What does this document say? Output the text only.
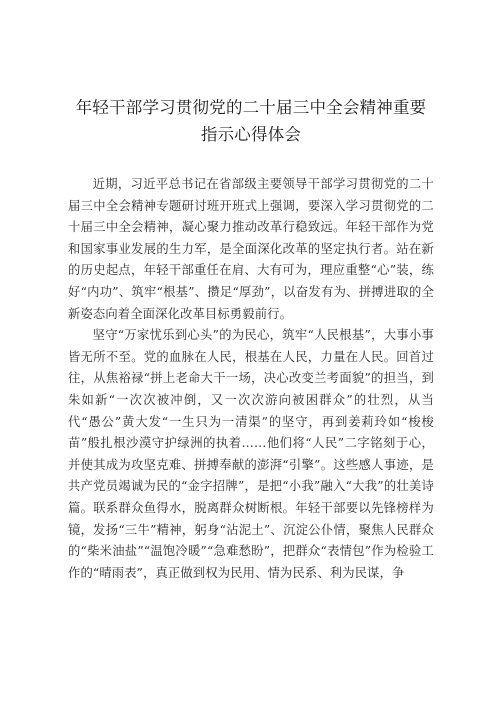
年轻干部学习贯彻党的二十届三中全会精神重要指示心得体会

近期，习近平总书记在省部级主要领导干部学习贯彻党的二十届三中全会精神专题研讨班开班式上强调，要深入学习贯彻党的二十届三中全会精神，凝心聚力推动改革行稳致远。年轻干部作为党和国家事业发展的生力军，是全面深化改革的坚定执行者。站在新的历史起点，年轻干部重任在肩、大有可为，理应重整“心”装，练好“内功”、筑牢“根基”、攒足“厚劲”，以奋发有为、拼搏进取的全新姿态向着全面深化改革目标勇毅前行。

坚守“万家忧乐到心头”的为民心，筑牢“人民根基”，大事小事皆无所不至。党的血脉在人民，根基在人民，力量在人民。回首过往，从焦裕禄“拼上老命大干一场，决心改变兰考面貌”的担当，到朱如新“一次次被冲倒，又一次次游向被困群众”的壮烈，从当代“愚公”黄大发“一生只为一清渠”的坚守，再到姜莉玲如“梭梭苗”般扎根沙漠守护绿洲的执着……他们将“人民”二字铭刻于心，并使其成为攻坚克难、拼搏奉献的澎湃“引擎”。这些感人事迹，是共产党员竭诚为民的“金字招牌”，是把“小我”融入“大我”的壮美诗篇。联系群众鱼得水，脱离群众树断根。年轻干部要以先锋榜样为镜，发扬“三牛”精神，躬身“沾泥土”、沉淀公仆情，聚焦人民群众的“柴米油盐”“温饱冷暖”“急难愁盼”，把群众“表情包”作为检验工作的“晴雨表”，真正做到权为民用、情为民系、利为民谋，争
